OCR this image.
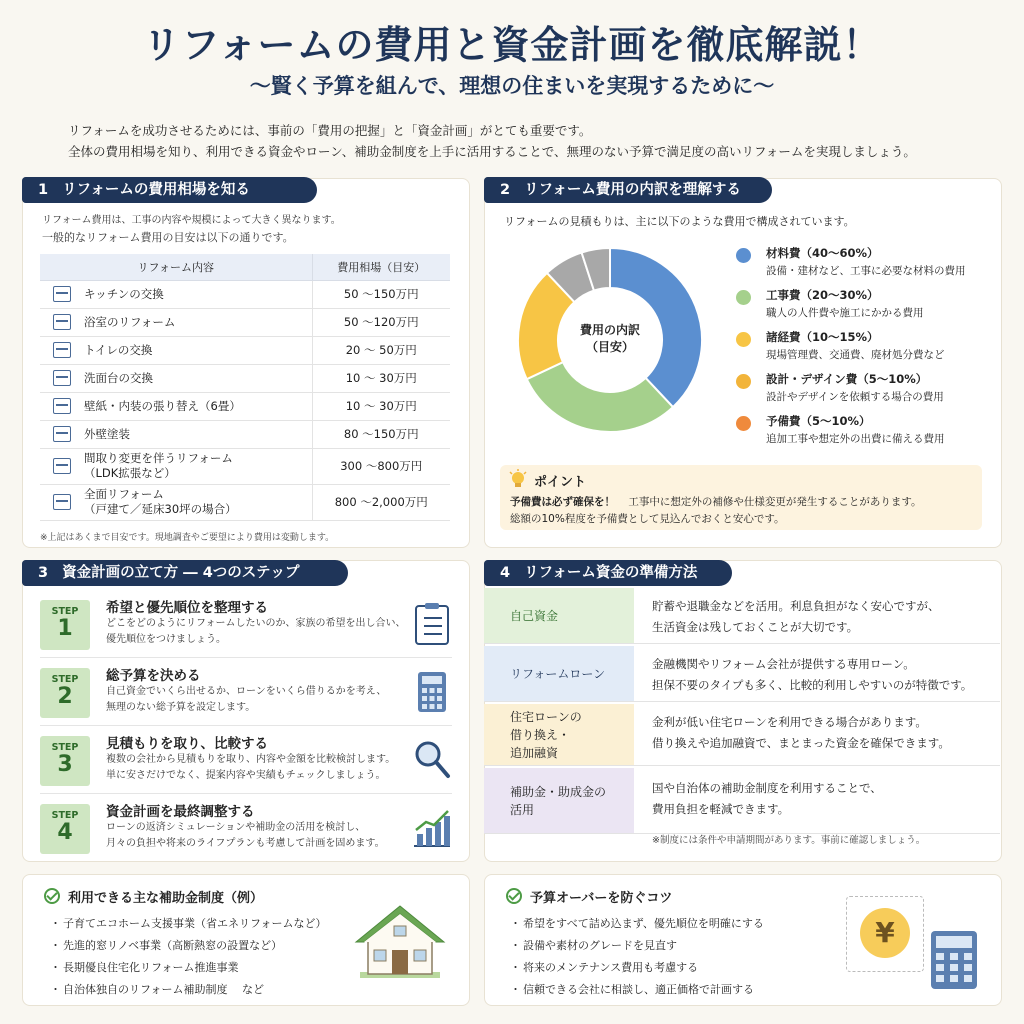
リフォームの費用と資金計画を徹底解説！
〜賢く予算を組んで、理想の住まいを実現するために〜
リフォームを成功させるためには、事前の「費用の把握」と「資金計画」がとても重要です。
全体の費用相場を知り、利用できる資金やローン、補助金制度を上手に活用することで、無理のない予算で満足度の高いリフォームを実現しましょう。
1 リフォームの費用相場を知る
リフォーム費用は、工事の内容や規模によって大きく異なります。
一般的なリフォーム費用の目安は以下の通りです。
リフォーム内容		費用相場（目安）

	キッチンの交換	50 〜150万円

	浴室のリフォーム	50 〜120万円

	トイレの交換	20 〜 50万円

	洗面台の交換	10 〜 30万円

	壁紙・内装の張り替え（6畳）	10 〜 30万円

	外壁塗装	80 〜150万円

	間取り変更を伴うリフォーム
（LDK拡張など）	300 〜800万円

	全面リフォーム
（戸建て／延床30坪の場合）	800 〜2,000万円
※上記はあくまで目安です。現地調査やご要望により費用は変動します。
2 リフォーム費用の内訳を理解する
リフォームの見積もりは、主に以下のような費用で構成されています。
費用の内訳
（目安）
材料費（40〜60%）
設備・建材など、工事に必要な材料の費用
工事費（20〜30%）
職人の人件費や施工にかかる費用
諸経費（10〜15%）
現場管理費、交通費、廃材処分費など
設計・デザイン費（5〜10%）
設計やデザインを依頼する場合の費用
予備費（5〜10%）
追加工事や想定外の出費に備える費用
ポイント
予備費は必ず確保を！ 工事中に想定外の補修や仕様変更が発生することがあります。
総額の10%程度を予備費として見込んでおくと安心です。
3 資金計画の立て方 ― 4つのステップ
STEP
1
希望と優先順位を整理する
どこをどのようにリフォームしたいのか、家族の希望を出し合い、
優先順位をつけましょう。
STEP
2
総予算を決める
自己資金でいくら出せるか、ローンをいくら借りるかを考え、
無理のない総予算を設定します。
STEP
3
見積もりを取り、比較する
複数の会社から見積もりを取り、内容や金額を比較検討します。
単に安さだけでなく、提案内容や実績もチェックしましょう。
STEP
4
資金計画を最終調整する
ローンの返済シミュレーションや補助金の活用を検討し、
月々の負担や将来のライフプランも考慮して計画を固めます。
4 リフォーム資金の準備方法
自己資金
貯蓄や退職金などを活用。利息負担がなく安心ですが、
生活資金は残しておくことが大切です。
リフォームローン
金融機関やリフォーム会社が提供する専用ローン。
担保不要のタイプも多く、比較的利用しやすいのが特徴です。
住宅ローンの
借り換え・
追加融資
金利が低い住宅ローンを利用できる場合があります。
借り換えや追加融資で、まとまった資金を確保できます。
補助金・助成金の
活用
国や自治体の補助金制度を利用することで、
費用負担を軽減できます。
※制度には条件や申請期間があります。事前に確認しましょう。
利用できる主な補助金制度（例）
・ 子育てエコホーム支援事業（省エネリフォームなど）
・ 先進的窓リノベ事業（高断熱窓の設置など）
・ 長期優良住宅化リフォーム推進事業
・ 自治体独自のリフォーム補助制度　 など
予算オーバーを防ぐコツ
・ 希望をすべて詰め込まず、優先順位を明確にする
・ 設備や素材のグレードを見直す
・ 将来のメンテナンス費用も考慮する
・ 信頼できる会社に相談し、適正価格で計画する
¥
